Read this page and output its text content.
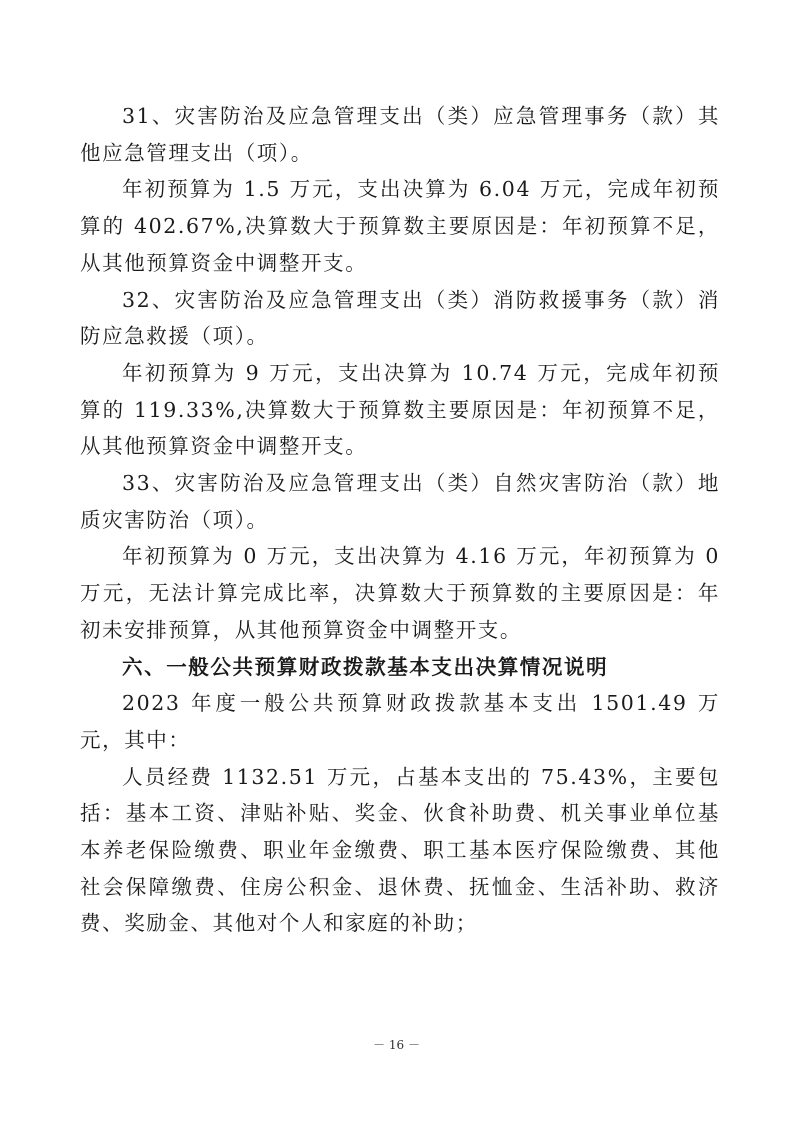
31、灾害防治及应急管理支出（类）应急管理事务（款）其他应急管理支出（项）。

年初预算为 1.5 万元，支出决算为 6.04 万元，完成年初预算的 402.67%,决算数大于预算数主要原因是：年初预算不足，从其他预算资金中调整开支。

32、灾害防治及应急管理支出（类）消防救援事务（款）消防应急救援（项）。

年初预算为 9 万元，支出决算为 10.74 万元，完成年初预算的 119.33%,决算数大于预算数主要原因是：年初预算不足，从其他预算资金中调整开支。

33、灾害防治及应急管理支出（类）自然灾害防治（款）地质灾害防治（项）。

年初预算为 0 万元，支出决算为 4.16 万元，年初预算为 0 万元，无法计算完成比率，决算数大于预算数的主要原因是：年初未安排预算，从其他预算资金中调整开支。

六、一般公共预算财政拨款基本支出决算情况说明

2023 年度一般公共预算财政拨款基本支出 1501.49 万元，其中：

人员经费 1132.51 万元，占基本支出的 75.43%，主要包括：基本工资、津贴补贴、奖金、伙食补助费、机关事业单位基本养老保险缴费、职业年金缴费、职工基本医疗保险缴费、其他社会保障缴费、住房公积金、退休费、抚恤金、生活补助、救济费、奖励金、其他对个人和家庭的补助；

－ 16 －
